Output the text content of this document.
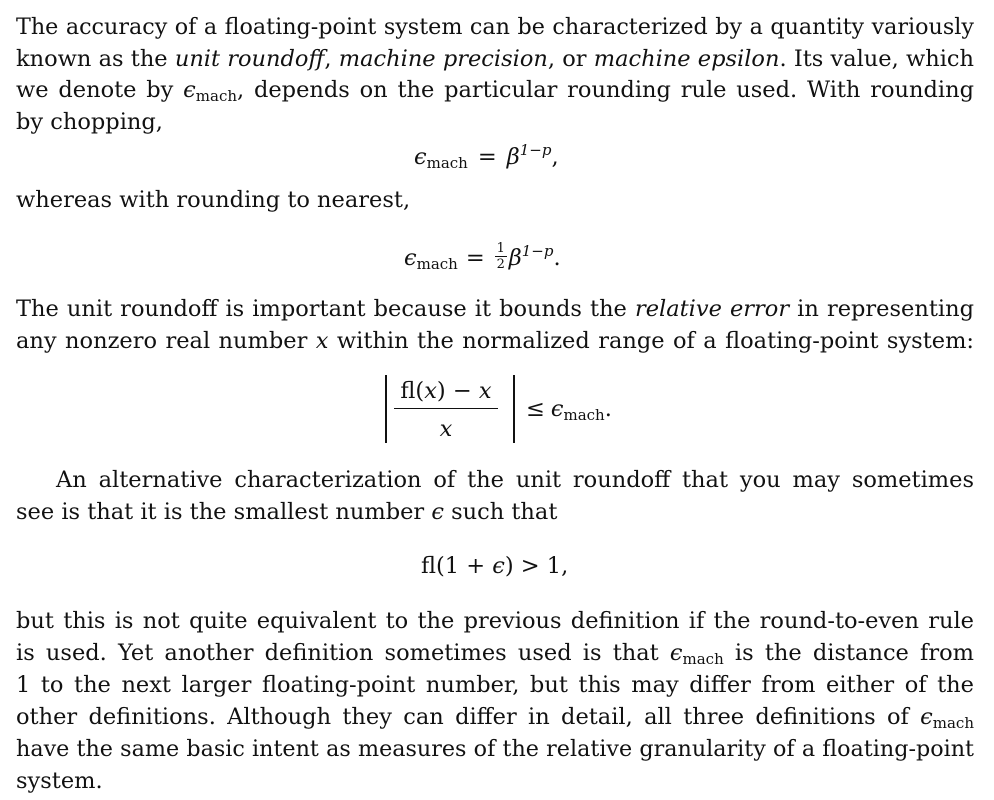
The accuracy of a floating-point system can be characterized by a quantity variously
known as the unit roundoff, machine precision, or machine epsilon. Its value, which
we denote by $\epsilon_{mach}$, depends on the particular rounding rule used. With rounding
by chopping,
$\epsilon_{mach} = \beta^{1-p}$,
whereas with rounding to nearest,
$\epsilon_{mach} = \frac{1}{2} \beta^{1-p}$.
The unit roundoff is important because it bounds the relative error in representing
any nonzero real number x within the normalized range of a floating-point system:
fl(x) − x
x
≤ $\epsilon_{mach}$.
An alternative characterization of the unit roundoff that you may sometimes
see is that it is the smallest number ϵ such that
fl(1 + ϵ) > 1,
but this is not quite equivalent to the previous definition if the round-to-even rule
is used. Yet another definition sometimes used is that $\epsilon_{mach}$ is the distance from
1 to the next larger floating-point number, but this may differ from either of the
other definitions. Although they can differ in detail, all three definitions of $\epsilon_{mach}$
have the same basic intent as measures of the relative granularity of a floating-point
system.
